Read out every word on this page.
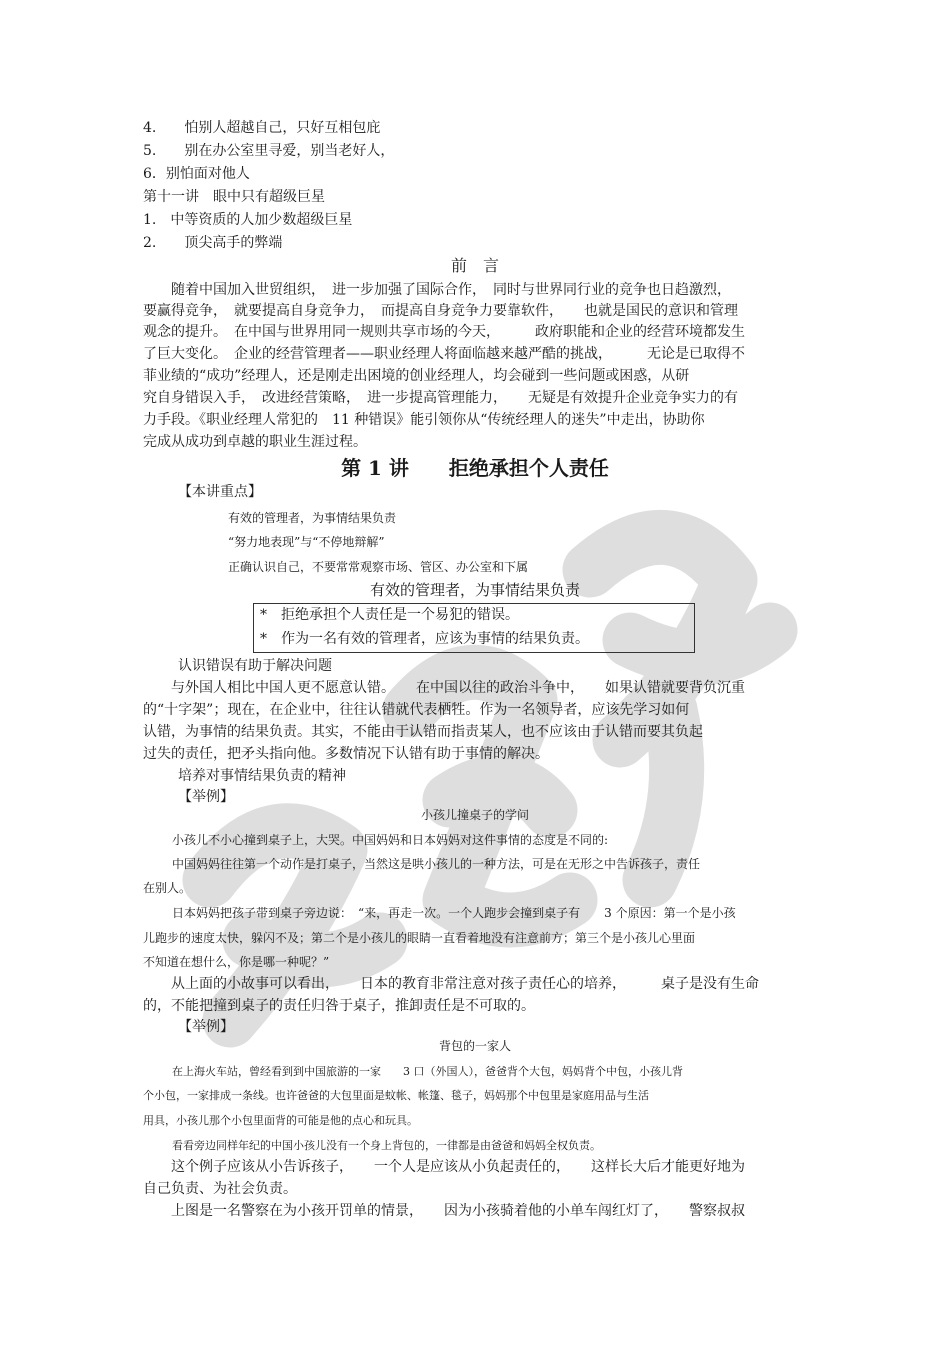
4.　　怕别人超越自己，只好互相包庇
5.　　别在办公室里寻爱，别当老好人，
6．别怕面对他人
第十一讲　眼中只有超级巨星
1.　中等资质的人加少数超级巨星
2.　　顶尖高手的弊端
前　言
　　随着中国加入世贸组织，　进一步加强了国际合作，　同时与世界同行业的竞争也日趋激烈，
要赢得竞争，　就要提高自身竞争力，　而提高自身竞争力要靠软件，　　也就是国民的意识和管理
观念的提升。　在中国与世界用同一规则共享市场的今天，　　　政府职能和企业的经营环境都发生
了巨大变化。　企业的经营管理者——职业经理人将面临越来越严酷的挑战，　　　无论是已取得不
菲业绩的“成功”经理人，还是刚走出困境的创业经理人，均会碰到一些问题或困惑，从研
究自身错误入手，　改进经营策略，　进一步提高管理能力，　　无疑是有效提升企业竞争实力的有
力手段。《职业经理人常犯的　11 种错误》能引领你从“传统经理人的迷失”中走出，协助你
完成从成功到卓越的职业生涯过程。
第 1 讲　　拒绝承担个人责任
【本讲重点】
有效的管理者，为事情结果负责
“努力地表现”与“不停地辩解”
正确认识自己，不要常常观察市场、管区、办公室和下属
有效的管理者，为事情结果负责
*　拒绝承担个人责任是一个易犯的错误。
*　作为一名有效的管理者，应该为事情的结果负责。
认识错误有助于解决问题
　　与外国人相比中国人更不愿意认错。　　在中国以往的政治斗争中，　　如果认错就要背负沉重
的“十字架”；现在，在企业中，往往认错就代表栖牲。作为一名领导者，应该先学习如何
认错，为事情的结果负责。其实，不能由于认错而指责某人，也不应该由于认错而要其负起
过失的责任，把矛头指向他。多数情况下认错有助于事情的解决。
培养对事情结果负责的精神
【举例】
小孩儿撞桌子的学问
小孩儿不小心撞到桌子上，大哭。中国妈妈和日本妈妈对这件事情的态度是不同的:
中国妈妈往往第一个动作是打桌子，当然这是哄小孩儿的一种方法，可是在无形之中告诉孩子，责任
在别人。
日本妈妈把孩子带到桌子旁边说：　“来，再走一次。一个人跑步会撞到桌子有　　3 个原因：第一个是小孩
儿跑步的速度太快，躲闪不及；第二个是小孩儿的眼睛一直看着地没有注意前方；第三个是小孩儿心里面
不知道在想什么，你是哪一种呢？”
　　从上面的小故事可以看出，　　日本的教育非常注意对孩子责任心的培养，　　　桌子是没有生命
的，不能把撞到桌子的责任归咎于桌子，推卸责任是不可取的。
【举例】
背包的一家人
在上海火车站，曾经看到到中国旅游的一家　　3 口（外国人），爸爸背个大包，妈妈背个中包，小孩儿背
个小包，一家排成一条线。也许爸爸的大包里面是蚊帐、帐篷、毯子，妈妈那个中包里是家庭用品与生活
用具，小孩儿那个小包里面背的可能是他的点心和玩具。
看看旁边同样年纪的中国小孩儿没有一个身上背包的，一律都是由爸爸和妈妈全权负责。
　　这个例子应该从小告诉孩子，　　一个人是应该从小负起责任的，　　这样长大后才能更好地为
自己负责、为社会负责。
　　上图是一名警察在为小孩开罚单的情景，　　因为小孩骑着他的小单车闯红灯了，　　警察叔叔
